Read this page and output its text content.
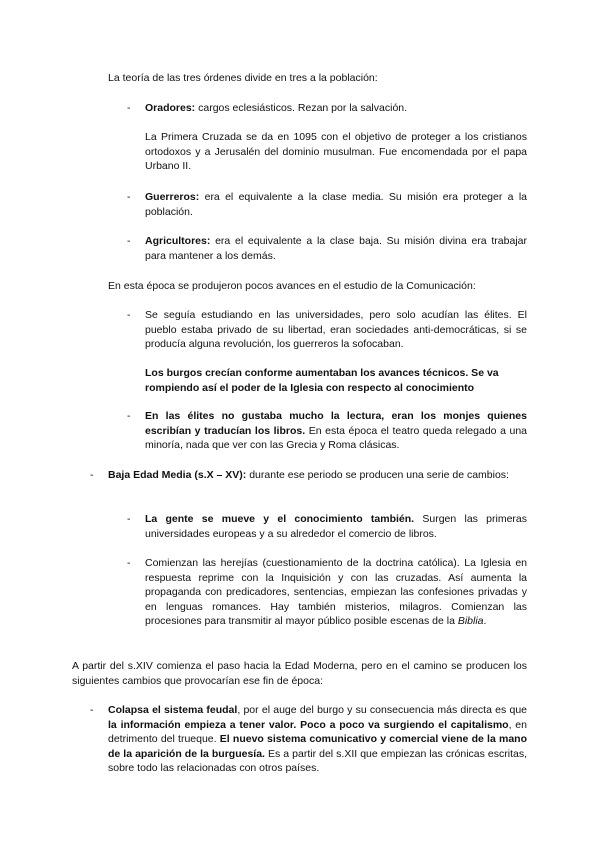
La teoría de las tres órdenes divide en tres a la población:
- Oradores: cargos eclesiásticos. Rezan por la salvación.
La Primera Cruzada se da en 1095 con el objetivo de proteger a los cristianos ortodoxos y a Jerusalén del dominio musulman. Fue encomendada por el papa Urbano II.
- Guerreros: era el equivalente a la clase media. Su misión era proteger a la población.
- Agricultores: era el equivalente a la clase baja. Su misión divina era trabajar para mantener a los demás.
En esta época se produjeron pocos avances en el estudio de la Comunicación:
- Se seguía estudiando en las universidades, pero solo acudían las élites. El pueblo estaba privado de su libertad, eran sociedades anti-democráticas, si se producía alguna revolución, los guerreros la sofocaban.
Los burgos crecían conforme aumentaban los avances técnicos. Se va rompiendo así el poder de la Iglesia con respecto al conocimiento
- En las élites no gustaba mucho la lectura, eran los monjes quienes escribían y traducían los libros. En esta época el teatro queda relegado a una minoría, nada que ver con las Grecia y Roma clásicas.
- Baja Edad Media (s.X – XV): durante ese periodo se producen una serie de cambios:
- La gente se mueve y el conocimiento también. Surgen las primeras universidades europeas y a su alrededor el comercio de libros.
- Comienzan las herejías (cuestionamiento de la doctrina católica). La Iglesia en respuesta reprime con la Inquisición y con las cruzadas. Así aumenta la propaganda con predicadores, sentencias, empiezan las confesiones privadas y en lenguas romances. Hay también misterios, milagros. Comienzan las procesiones para transmitir al mayor público posible escenas de la Biblia.
A partir del s.XIV comienza el paso hacia la Edad Moderna, pero en el camino se producen los siguientes cambios que provocarían ese fin de época:
- Colapsa el sistema feudal, por el auge del burgo y su consecuencia más directa es que la información empieza a tener valor. Poco a poco va surgiendo el capitalismo, en detrimento del trueque. El nuevo sistema comunicativo y comercial viene de la mano de la aparición de la burguesía. Es a partir del s.XII que empiezan las crónicas escritas, sobre todo las relacionadas con otros países.
